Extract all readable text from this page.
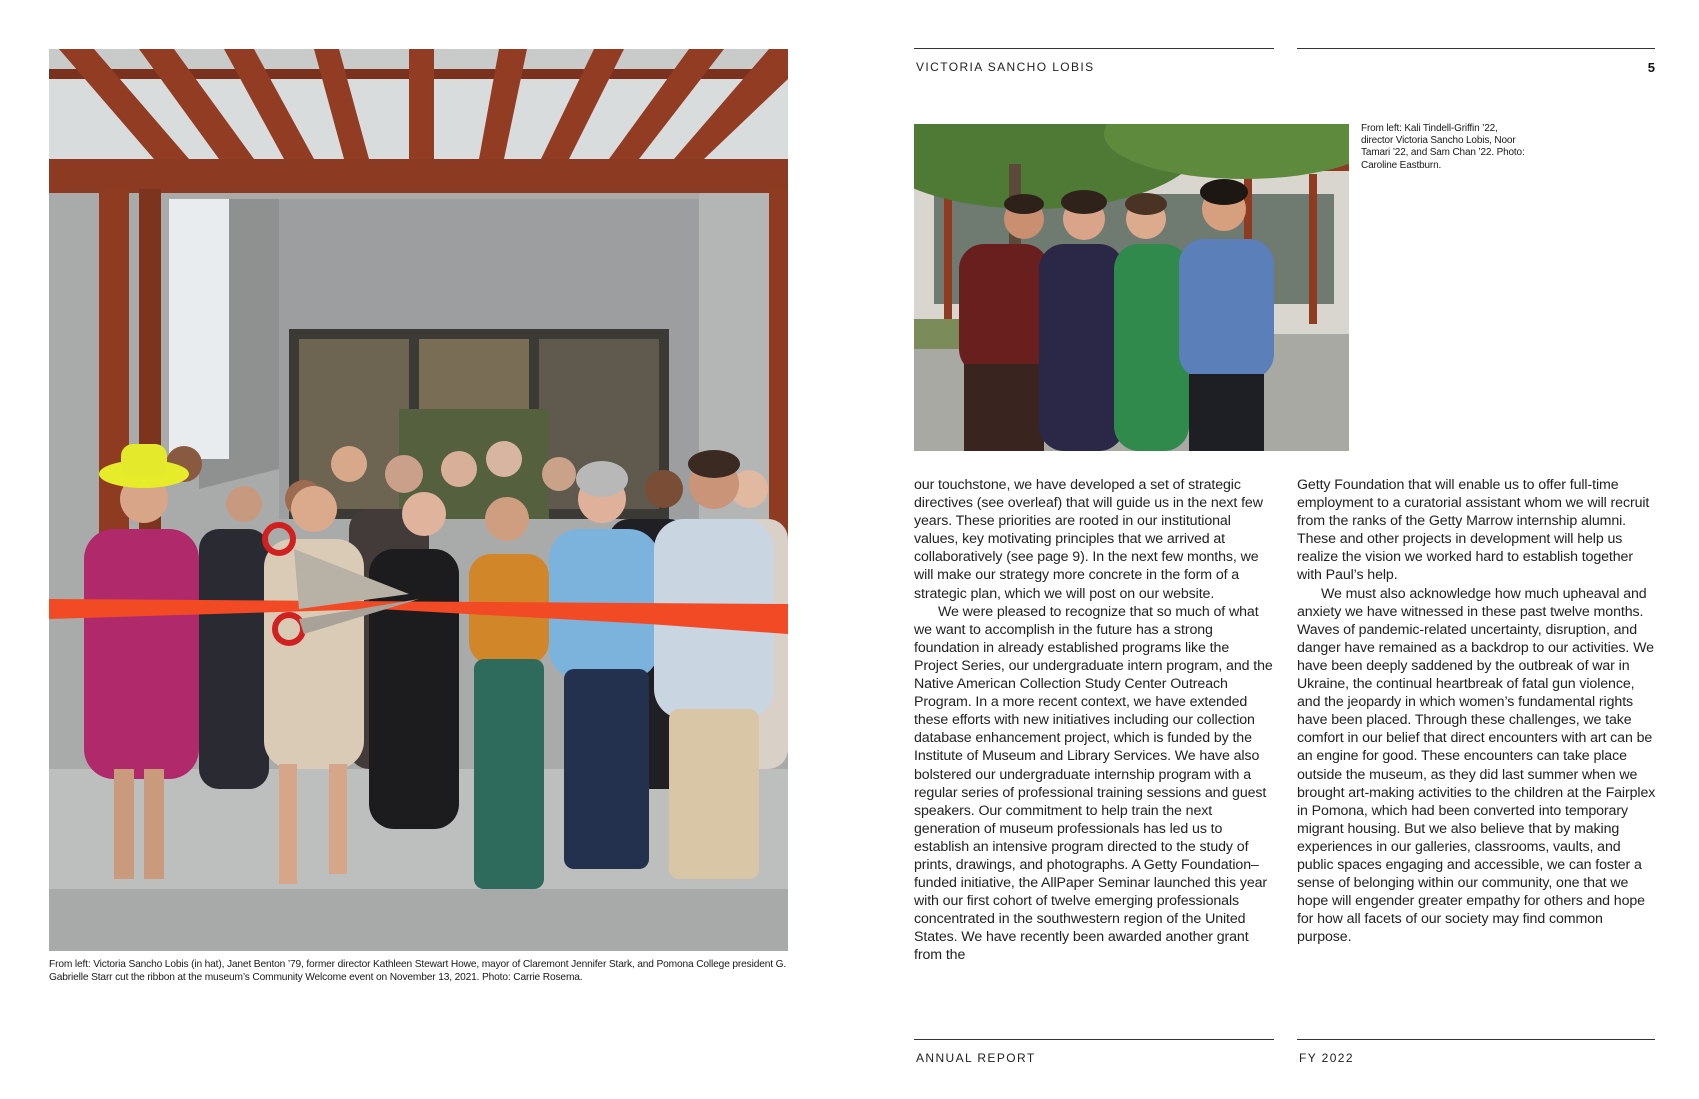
From left: Victoria Sancho Lobis (in hat), Janet Benton ’79, former director Kathleen Stewart Howe, mayor of Claremont Jennifer Stark, and Pomona College president G. Gabrielle Starr cut the ribbon at the museum’s Community Welcome event on November 13, 2021. Photo: Carrie Rosema.
VICTORIA SANCHO LOBIS	5
From left: Kali Tindell-Griffin ’22, director Victoria Sancho Lobis, Noor Tamari ’22, and Sam Chan ’22. Photo: Caroline Eastburn.

our touchstone, we have developed a set of strategic directives (see overleaf) that will guide us in the next few years. These priorities are rooted in our institutional values, key motivating principles that we arrived at collaboratively (see page 9). In the next few months, we will make our strategy more concrete in the form of a strategic plan, which we will post on our website.

We were pleased to recognize that so much of what we want to accomplish in the future has a strong foundation in already established programs like the Project Series, our undergraduate intern program, and the Native American Collection Study Center Outreach Program. In a more recent context, we have extended these efforts with new initiatives including our collection database enhancement project, which is funded by the Institute of Museum and Library Services. We have also bolstered our undergraduate internship program with a regular series of professional training sessions and guest speakers. Our commitment to help train the next generation of museum professionals has led us to establish an intensive program directed to the study of prints, drawings, and photographs. A Getty Foundation–funded initiative, the AllPaper Seminar launched this year with our first cohort of twelve emerging professionals concentrated in the southwestern region of the United States. We have recently been awarded another grant from the

Getty Foundation that will enable us to offer full-time employment to a curatorial assistant whom we will recruit from the ranks of the Getty Marrow internship alumni. These and other projects in development will help us realize the vision we worked hard to establish together with Paul’s help.

We must also acknowledge how much upheaval and anxiety we have witnessed in these past twelve months. Waves of pandemic-related uncertainty, disruption, and danger have remained as a backdrop to our activities. We have been deeply saddened by the outbreak of war in Ukraine, the continual heartbreak of fatal gun violence, and the jeopardy in which women’s fundamental rights have been placed. Through these challenges, we take comfort in our belief that direct encounters with art can be an engine for good. These encounters can take place outside the museum, as they did last summer when we brought art-making activities to the children at the Fairplex in Pomona, which had been converted into temporary migrant housing. But we also believe that by making experiences in our galleries, classrooms, vaults, and public spaces engaging and accessible, we can foster a sense of belonging within our community, one that we hope will engender greater empathy for others and hope for how all facets of our society may find common purpose.

ANNUAL REPORT	FY 2022
